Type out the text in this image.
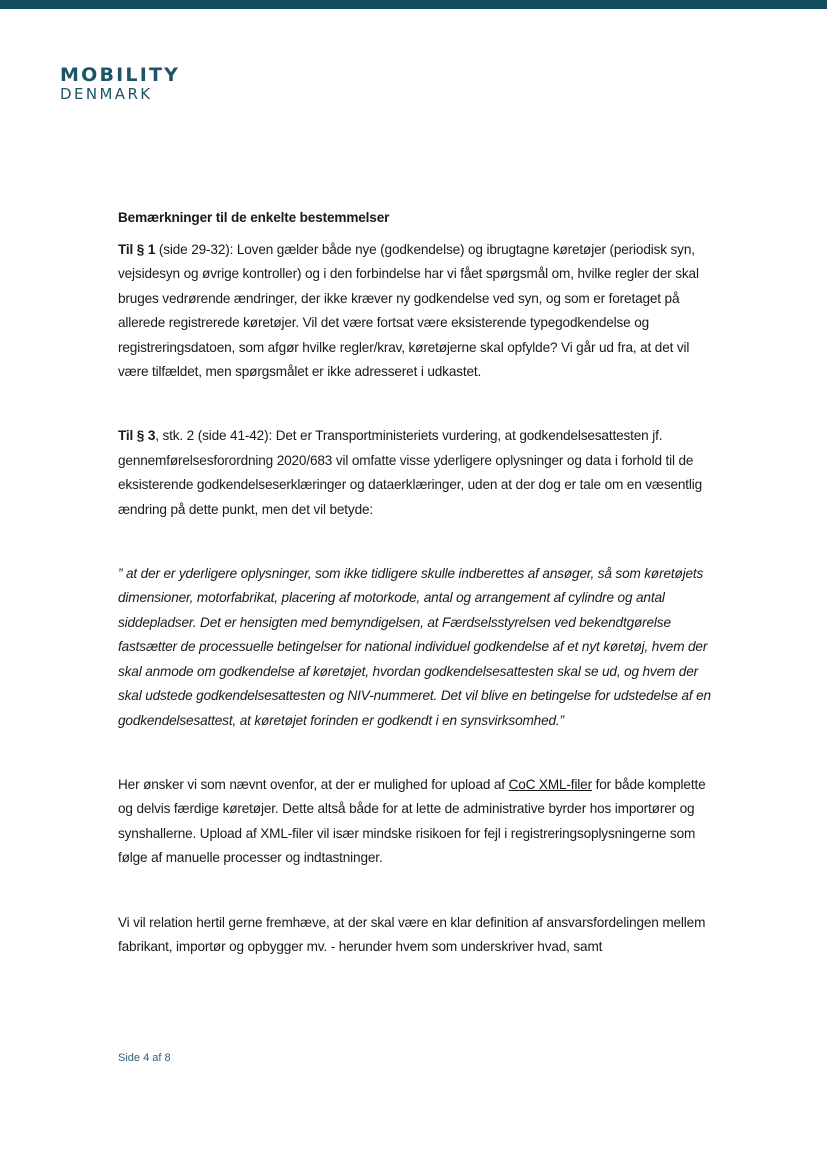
MOBILITY
DENMARK

Bemærkninger til de enkelte bestemmelser

Til § 1 (side 29-32): Loven gælder både nye (godkendelse) og ibrugtagne køretøjer (periodisk syn, vejsidesyn og øvrige kontroller) og i den forbindelse har vi fået spørgsmål om, hvilke regler der skal bruges vedrørende ændringer, der ikke kræver ny godkendelse ved syn, og som er foretaget på allerede registrerede køretøjer. Vil det være fortsat være eksisterende typegodkendelse og registreringsdatoen, som afgør hvilke regler/krav, køretøjerne skal opfylde? Vi går ud fra, at det vil være tilfældet, men spørgsmålet er ikke adresseret i udkastet.

Til § 3, stk. 2 (side 41-42): Det er Transportministeriets vurdering, at godkendelsesattesten jf. gennemførelsesforordning 2020/683 vil omfatte visse yderligere oplysninger og data i forhold til de eksisterende godkendelseserklæringer og dataerklæringer, uden at der dog er tale om en væsentlig ændring på dette punkt, men det vil betyde:

” at der er yderligere oplysninger, som ikke tidligere skulle indberettes af ansøger, så som køretøjets dimensioner, motorfabrikat, placering af motorkode, antal og arrangement af cylindre og antal siddepladser. Det er hensigten med bemyndigelsen, at Færdselsstyrelsen ved bekendtgørelse fastsætter de processuelle betingelser for national individuel godkendelse af et nyt køretøj, hvem der skal anmode om godkendelse af køretøjet, hvordan godkendelsesattesten skal se ud, og hvem der skal udstede godkendelsesattesten og NIV-nummeret. Det vil blive en betingelse for udstedelse af en godkendelsesattest, at køretøjet forinden er godkendt i en synsvirksomhed.”

Her ønsker vi som nævnt ovenfor, at der er mulighed for upload af CoC XML-filer for både komplette og delvis færdige køretøjer. Dette altså både for at lette de administrative byrder hos importører og synshallerne. Upload af XML-filer vil især mindske risikoen for fejl i registreringsoplysningerne som følge af manuelle processer og indtastninger.

Vi vil relation hertil gerne fremhæve, at der skal være en klar definition af ansvarsfordelingen mellem fabrikant, importør og opbygger mv. - herunder hvem som underskriver hvad, samt

Side 4 af 8
